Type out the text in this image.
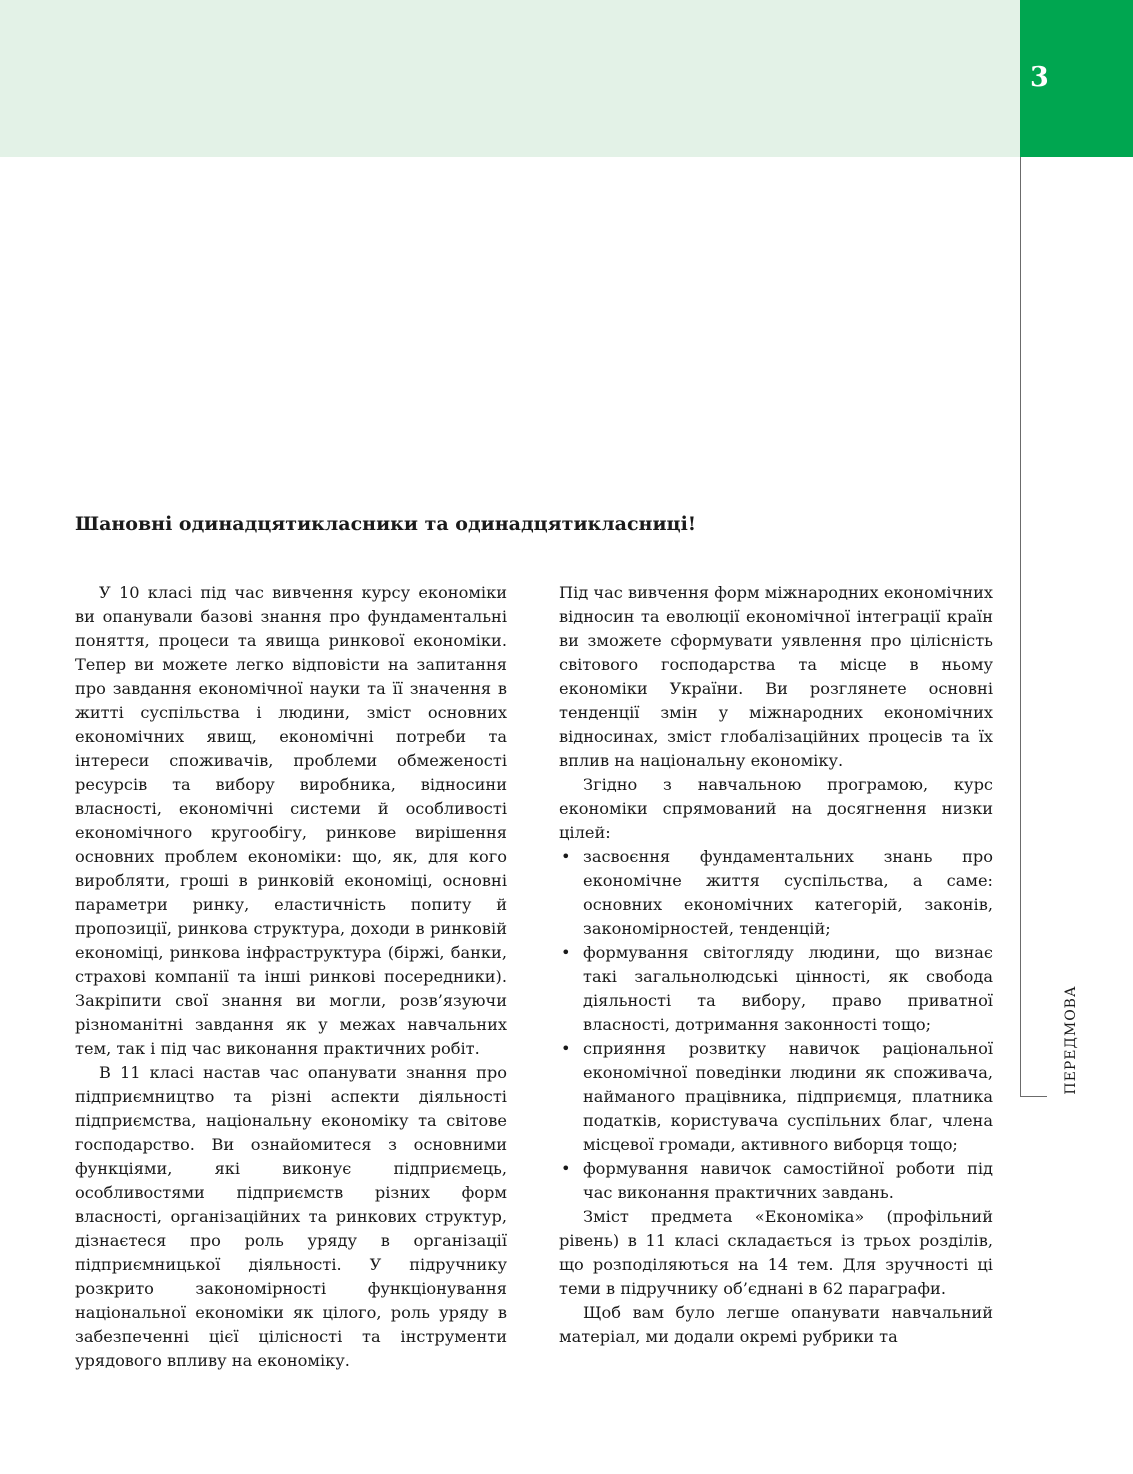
3
ПЕРЕДМОВА
Шановні одинадцятикласники та одинадцятикласниці!

У 10 класі під час вивчення курсу економіки ви опанували базові знання про фундаментальні поняття, процеси та явища ринкової економіки. Тепер ви можете легко відповісти на запитання про завдання економічної науки та її значення в житті суспільства і людини, зміст основних економічних явищ, економічні потреби та інтереси споживачів, проблеми обмеженості ресурсів та вибору виробника, відносини власності, економічні системи й особливості економічного кругообігу, ринкове вирішення основних проблем економіки: що, як, для кого виробляти, гроші в ринковій економіці, основні параметри ринку, еластичність попиту й пропозиції, ринкова структура, доходи в ринковій економіці, ринкова інфраструктура (біржі, банки, страхові компанії та інші ринкові посередники). Закріпити свої знання ви могли, розв’язуючи різноманітні завдання як у межах навчальних тем, так і під час виконання практичних робіт.

В 11 класі настав час опанувати знання про підприємництво та різні аспекти діяльності підприємства, національну економіку та світове господарство. Ви ознайомитеся з основними функціями, які виконує підприємець, особливостями підприємств різних форм власності, організаційних та ринкових структур, дізнаєтеся про роль уряду в організації підприємницької діяльності. У підручнику розкрито закономірності функціонування національної економіки як цілого, роль уряду в забезпеченні цієї цілісності та інструменти урядового впливу на економіку.

Під час вивчення форм міжнародних економічних відносин та еволюції економічної інтеграції країн ви зможете сформувати уявлення про цілісність світового господарства та місце в ньому економіки України. Ви розглянете основні тенденції змін у міжнародних економічних відносинах, зміст глобалізаційних процесів та їх вплив на національну економіку.

Згідно з навчальною програмою, курс економіки спрямований на досягнення низки цілей:

• засвоєння фундаментальних знань про економічне життя суспільства, а саме: основних економічних категорій, законів, закономірностей, тенденцій;
• формування світогляду людини, що визнає такі загальнолюдські цінності, як свобода діяльності та вибору, право приватної власності, дотримання законності тощо;
• сприяння розвитку навичок раціональної економічної поведінки людини як споживача, найманого працівника, підприємця, платника податків, користувача суспільних благ, члена місцевої громади, активного виборця тощо;
• формування навичок самостійної роботи під час виконання практичних завдань.

Зміст предмета «Економіка» (профільний рівень) в 11 класі складається із трьох розділів, що розподіляються на 14 тем. Для зручності ці теми в підручнику об’єднані в 62 параграфи.

Щоб вам було легше опанувати навчальний матеріал, ми додали окремі рубрики та
